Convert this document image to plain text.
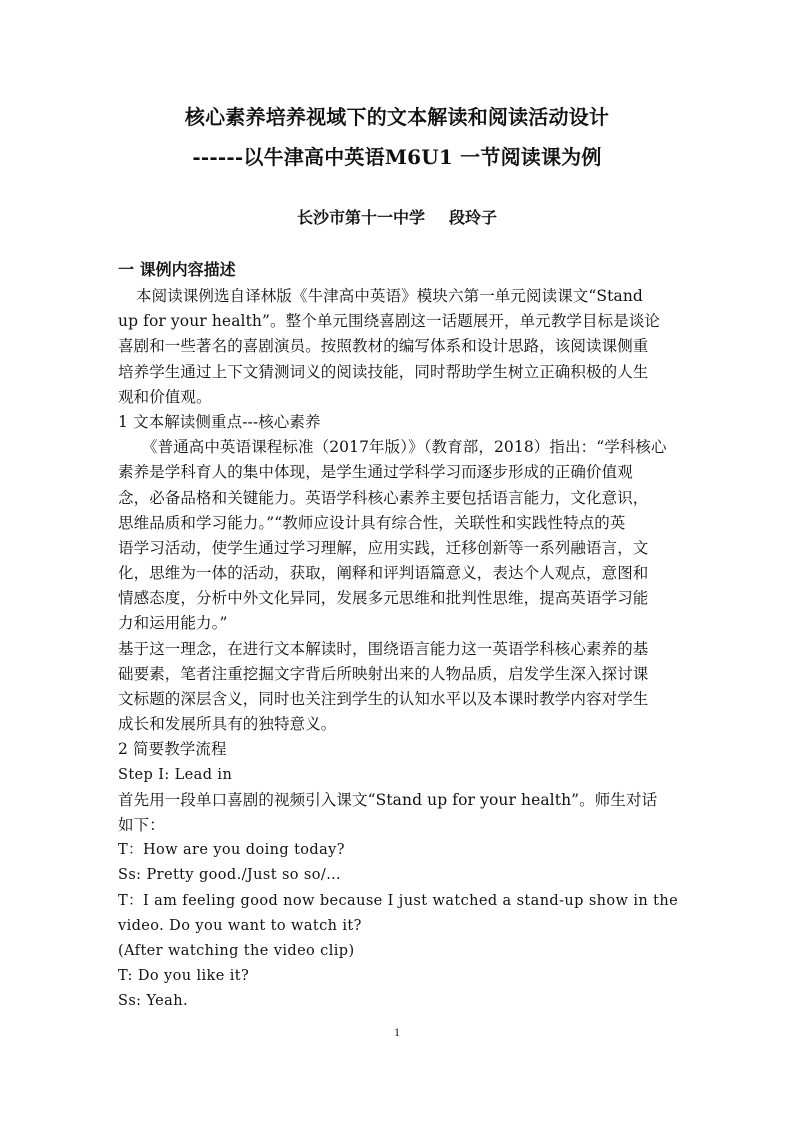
核心素养培养视域下的文本解读和阅读活动设计
------以牛津高中英语M6U1 一节阅读课为例
长沙市第十一中学 段玲子
一 课例内容描述
本阅读课例选自译林版《牛津高中英语》模块六第一单元阅读课文“Stand
up for your health”。整个单元围绕喜剧这一话题展开，单元教学目标是谈论
喜剧和一些著名的喜剧演员。按照教材的编写体系和设计思路，该阅读课侧重
培养学生通过上下文猜测词义的阅读技能，同时帮助学生树立正确积极的人生
观和价值观。
1 文本解读侧重点---核心素养
《普通高中英语课程标准（2017年版）》（教育部，2018）指出：“学科核心
素养是学科育人的集中体现，是学生通过学科学习而逐步形成的正确价值观
念，必备品格和关键能力。英语学科核心素养主要包括语言能力，文化意识，
思维品质和学习能力。”“教师应设计具有综合性，关联性和实践性特点的英
语学习活动，使学生通过学习理解，应用实践，迁移创新等一系列融语言，文
化，思维为一体的活动，获取，阐释和评判语篇意义，表达个人观点，意图和
情感态度，分析中外文化异同，发展多元思维和批判性思维，提高英语学习能
力和运用能力。”
基于这一理念，在进行文本解读时，围绕语言能力这一英语学科核心素养的基
础要素，笔者注重挖掘文字背后所映射出来的人物品质，启发学生深入探讨课
文标题的深层含义，同时也关注到学生的认知水平以及本课时教学内容对学生
成长和发展所具有的独特意义。
2 简要教学流程
Step I: Lead in
首先用一段单口喜剧的视频引入课文“Stand up for your health”。师生对话
如下：
T：How are you doing today?
Ss: Pretty good./Just so so/…
T：I am feeling good now because I just watched a stand-up show in the
video. Do you want to watch it?
(After watching the video clip)
T: Do you like it?
Ss: Yeah.
1
